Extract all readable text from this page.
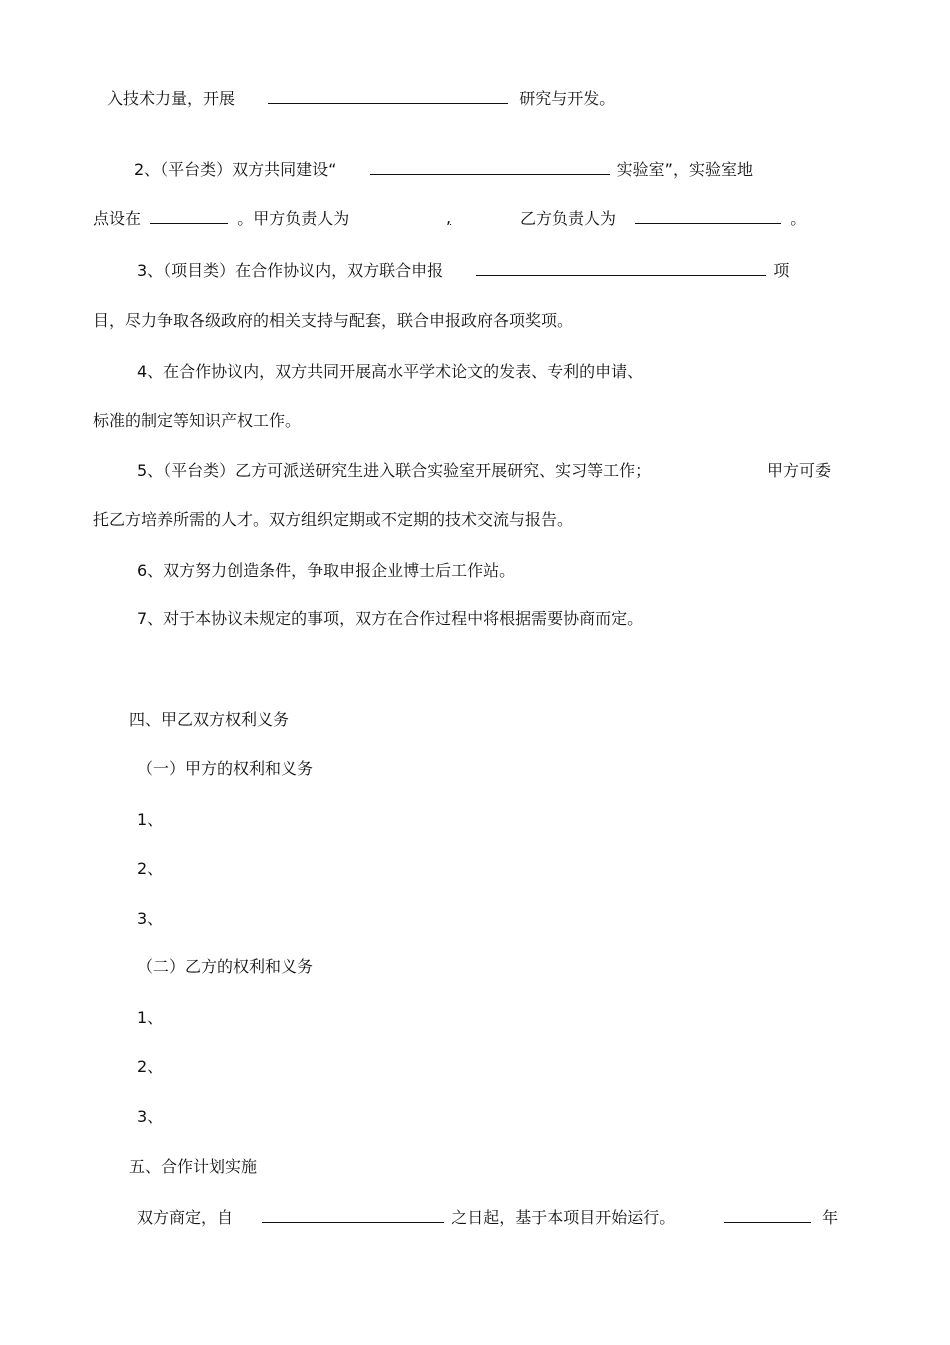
入技术力量，开展	研究与开发。
2、（平台类）双方共同建设“	实验室”，实验室地
点设在	。甲方负责人为	,	乙方负责人为	。
3、（项目类）在合作协议内，双方联合申报	项
目，尽力争取各级政府的相关支持与配套，联合申报政府各项奖项。
4、在合作协议内，双方共同开展高水平学术论文的发表、专利的申请、
标准的制定等知识产权工作。
5、（平台类）乙方可派送研究生进入联合实验室开展研究、实习等工作；	甲方可委
托乙方培养所需的人才。双方组织定期或不定期的技术交流与报告。
6、双方努力创造条件，争取申报企业博士后工作站。
7、对于本协议未规定的事项，双方在合作过程中将根据需要协商而定。
四、甲乙双方权利义务
（一）甲方的权利和义务
1、
2、
3、
（二）乙方的权利和义务
1、
2、
3、
五、合作计划实施
双方商定，自	之日起，基于本项目开始运行。	年
